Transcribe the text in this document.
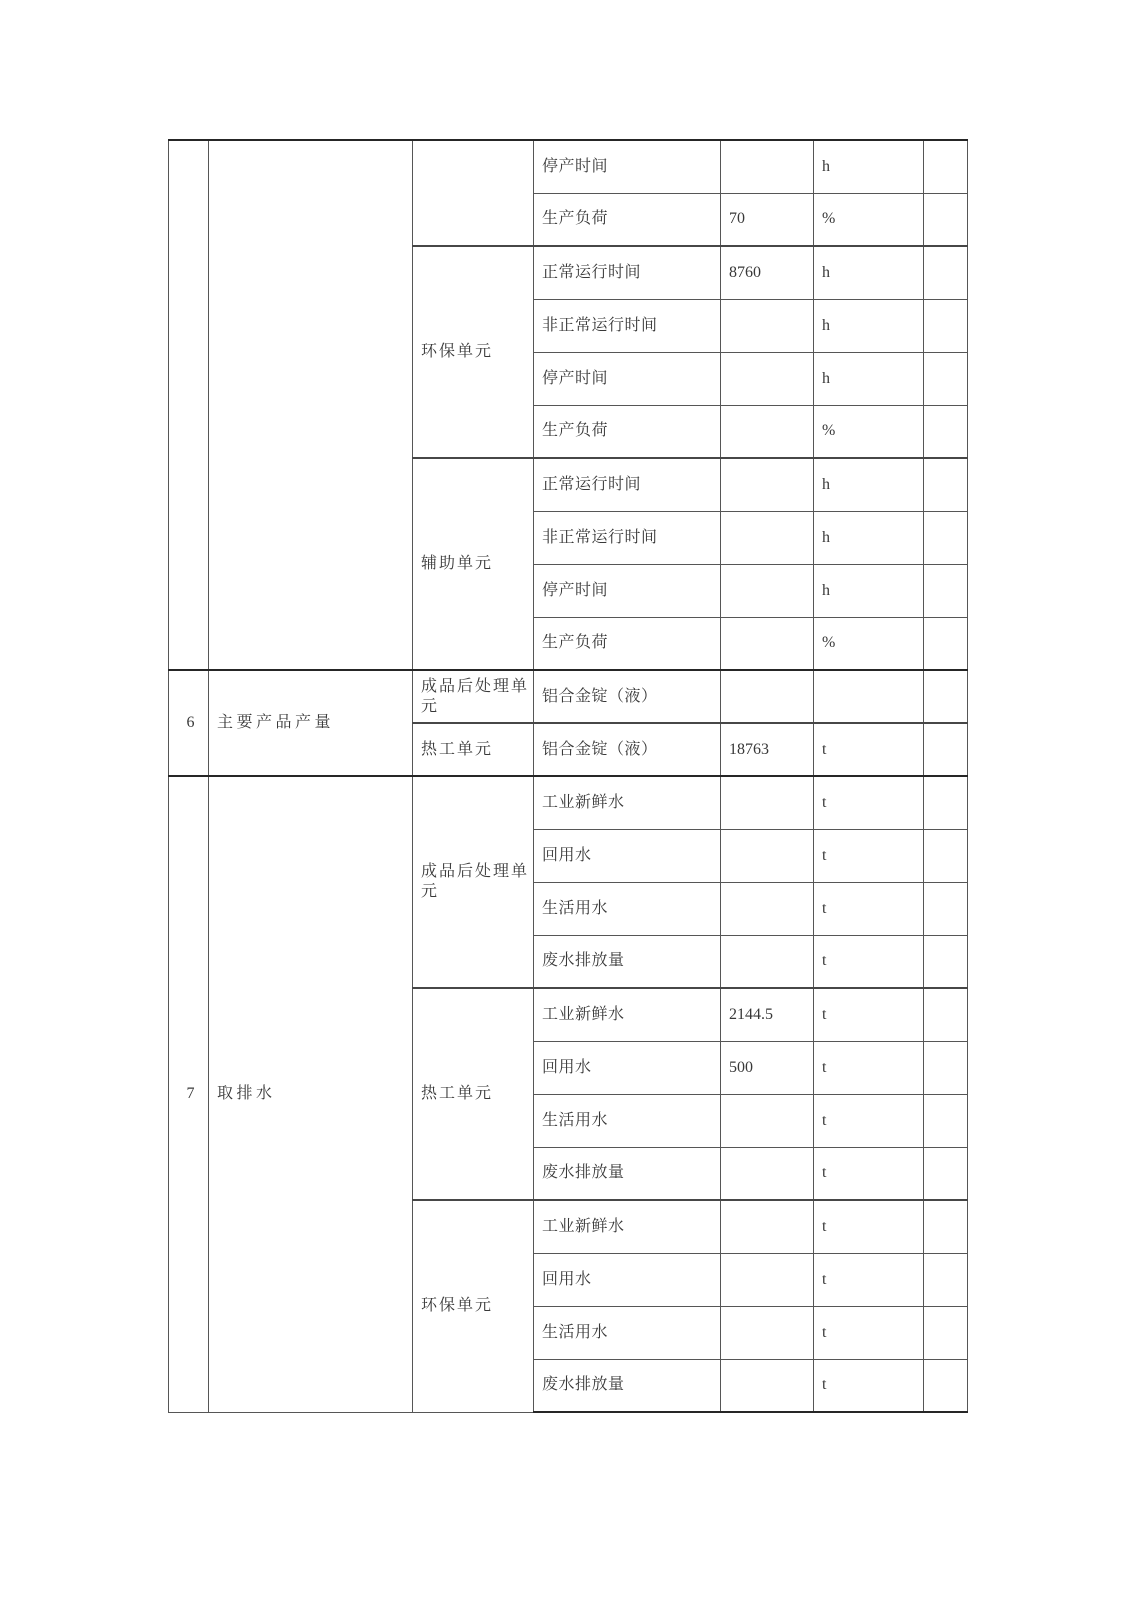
			停产时间		h	
			生产负荷	70	%	
		环保单元	正常运行时间	8760	h	
			非正常运行时间		h	
			停产时间		h	
			生产负荷		%	
		辅助单元	正常运行时间		h	
			非正常运行时间		h	
			停产时间		h	
			生产负荷		%	
6	主要产品产量	成品后处理单元	铝合金锭（液）			
		热工单元	铝合金锭（液）	18763	t	
7	取排水	成品后处理单元	工业新鲜水		t	
			回用水		t	
			生活用水		t	
			废水排放量		t	
		热工单元	工业新鲜水	2144.5	t	
			回用水	500	t	
			生活用水		t	
			废水排放量		t	
		环保单元	工业新鲜水		t	
			回用水		t	
			生活用水		t	
			废水排放量		t	
